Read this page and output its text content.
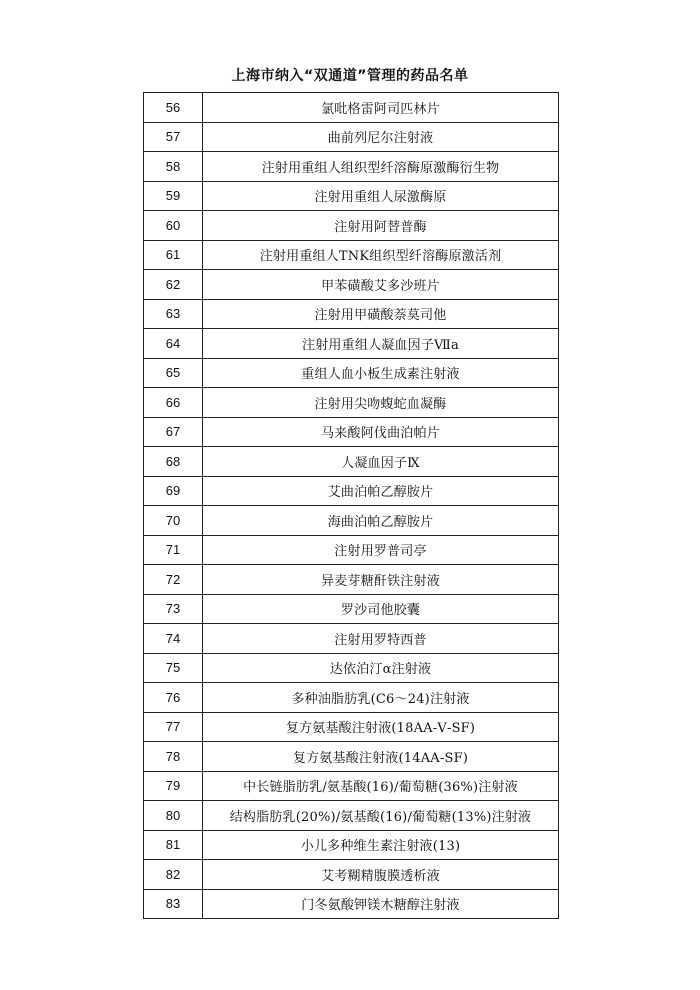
上海市纳入“双通道”管理的药品名单
56	氯吡格雷阿司匹林片
57	曲前列尼尔注射液
58	注射用重组人组织型纤溶酶原激酶衍生物
59	注射用重组人尿激酶原
60	注射用阿替普酶
61	注射用重组人TNK组织型纤溶酶原激活剂
62	甲苯磺酸艾多沙班片
63	注射用甲磺酸萘莫司他
64	注射用重组人凝血因子Ⅶa
65	重组人血小板生成素注射液
66	注射用尖吻蝮蛇血凝酶
67	马来酸阿伐曲泊帕片
68	人凝血因子Ⅸ
69	艾曲泊帕乙醇胺片
70	海曲泊帕乙醇胺片
71	注射用罗普司亭
72	异麦芽糖酐铁注射液
73	罗沙司他胶囊
74	注射用罗特西普
75	达依泊汀α注射液
76	多种油脂肪乳(C6～24)注射液
77	复方氨基酸注射液(18AA-Ⅴ-SF)
78	复方氨基酸注射液(14AA-SF)
79	中长链脂肪乳/氨基酸(16)/葡萄糖(36%)注射液
80	结构脂肪乳(20%)/氨基酸(16)/葡萄糖(13%)注射液
81	小儿多种维生素注射液(13)
82	艾考糊精腹膜透析液
83	门冬氨酸钾镁木糖醇注射液
